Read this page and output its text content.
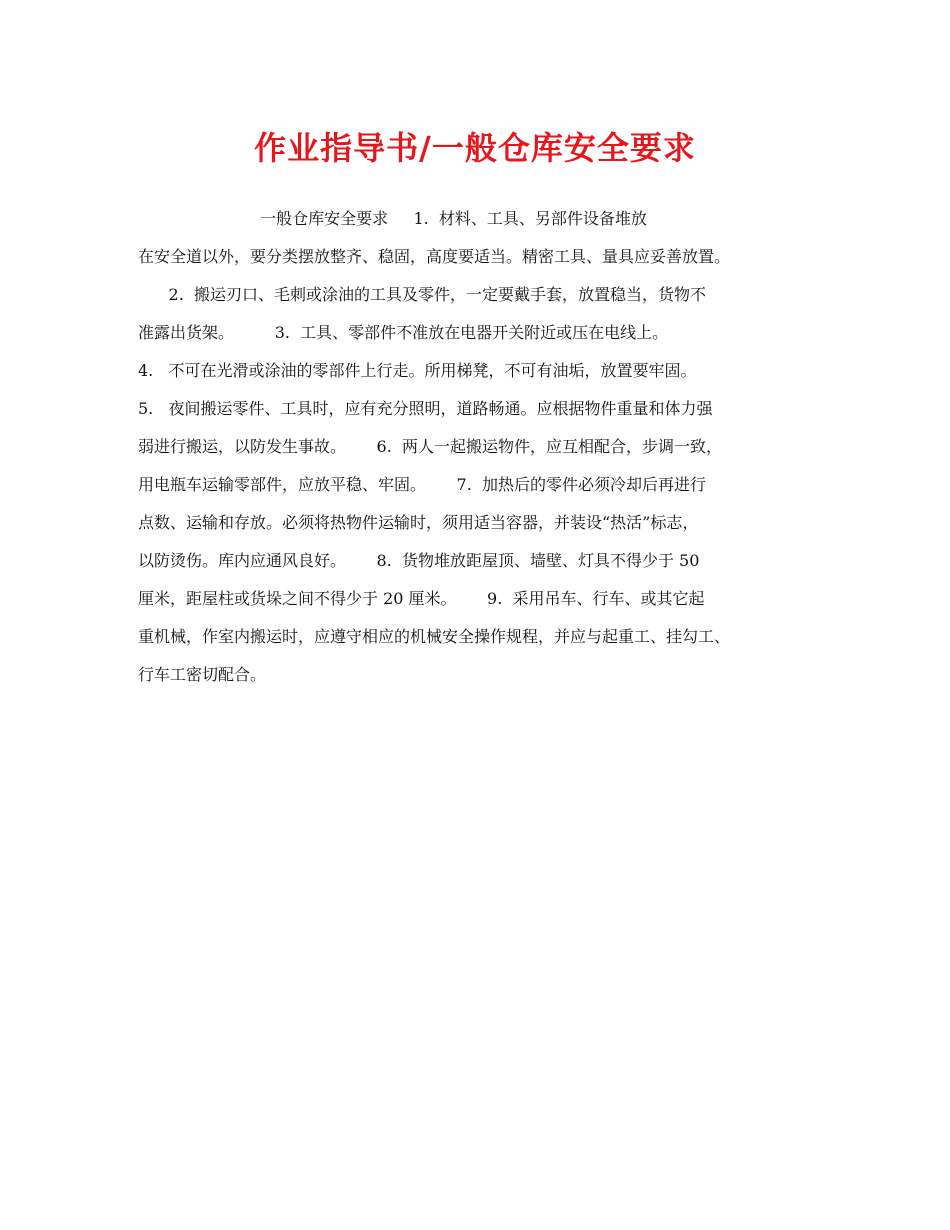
作业指导书/一般仓库安全要求
一般仓库安全要求     1.  材料、工具、另部件设备堆放
在安全道以外，要分类摆放整齐、稳固，高度要适当。精密工具、量具应妥善放置。
2.  搬运刃口、毛刺或涂油的工具及零件，一定要戴手套，放置稳当，货物不
准露出货架。        3.  工具、零部件不准放在电器开关附近或压在电线上。
4.   不可在光滑或涂油的零部件上行走。所用梯凳，不可有油垢，放置要牢固。
5.   夜间搬运零件、工具时，应有充分照明，道路畅通。应根据物件重量和体力强
弱进行搬运，以防发生事故。      6.  两人一起搬运物件，应互相配合，步调一致，
用电瓶车运输零部件，应放平稳、牢固。      7.  加热后的零件必须冷却后再进行
点数、运输和存放。必须将热物件运输时，须用适当容器，并装设“热活”标志，
以防烫伤。库内应通风良好。      8.  货物堆放距屋顶、墙壁、灯具不得少于 50
厘米，距屋柱或货垛之间不得少于 20 厘米。      9.  采用吊车、行车、或其它起
重机械，作室内搬运时，应遵守相应的机械安全操作规程，并应与起重工、挂勾工、
行车工密切配合。
